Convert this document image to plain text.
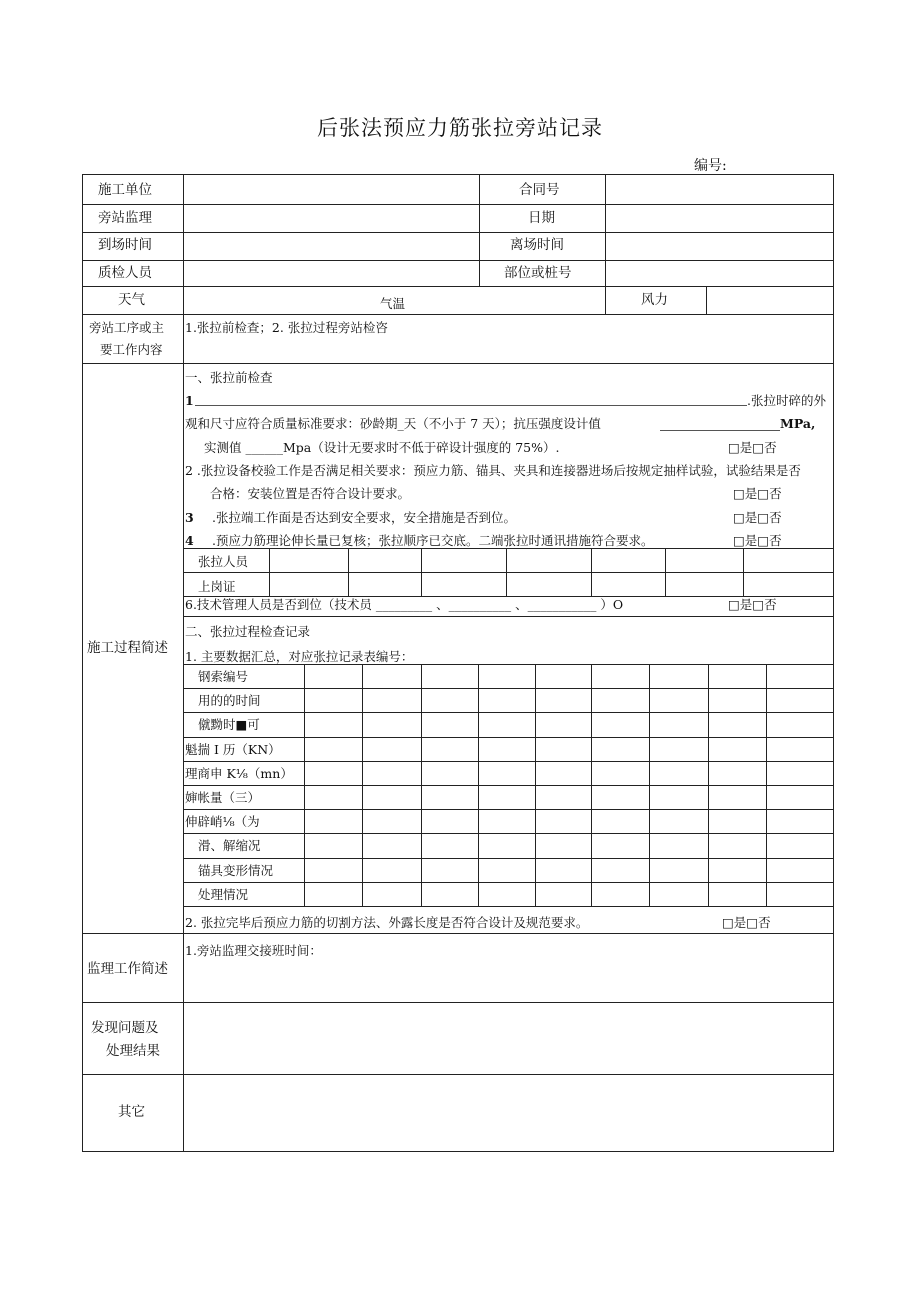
后张法预应力筋张拉旁站记录
编号:
施工单位	合同号
旁站监理	日期
到场时间	离场时间
质检人员	部位或桩号
天气	气温	风力
旁站工序或主
要工作内容
1.张拉前检查；2. 张拉过程旁站检咨
施工过程简述
一、张拉前检查
1	.张拉时碎的外
观和尺寸应符合质量标准要求：砂龄期_天（不小于 7 天）；抗压强度设计值	MPa,
实测值 ______Mpa（设计无要求时不低于碎设计强度的 75%）.	□是□否
2 .张拉设备校验工作是否满足相关要求：预应力筋、锚具、夹具和连接器进场后按规定抽样试验，试验结果是否
合格：安装位置是否符合设计要求。	□是□否
3 .张拉端工作面是否达到安全要求，安全措施是否到位。	□是□否
4 .预应力筋理论伸长量已复核；张拉顺序已交底。二端张拉时通讯措施符合要求。	□是□否
张拉人员
上岗证
6.技术管理人员是否到位（技术员 _________ 、__________ 、___________ ）O	□是□否
二、张拉过程检查记录
1. 主要数据汇总，对应张拉记录表编号：
钢索编号
用的的时间
僦黝时■可
魁揣 I 历（KN）
理商申 K⅛（mn）
婶帐量（三）
伸辟峭⅛（为
滑、解缩况
锚具变形情况
处理情况
2. 张拉完毕后预应力筋的切割方法、外露长度是否符合设计及规范要求。	□是□否
监理工作简述
1.旁站监理交接班时间：
发现问题及
处理结果
其它
